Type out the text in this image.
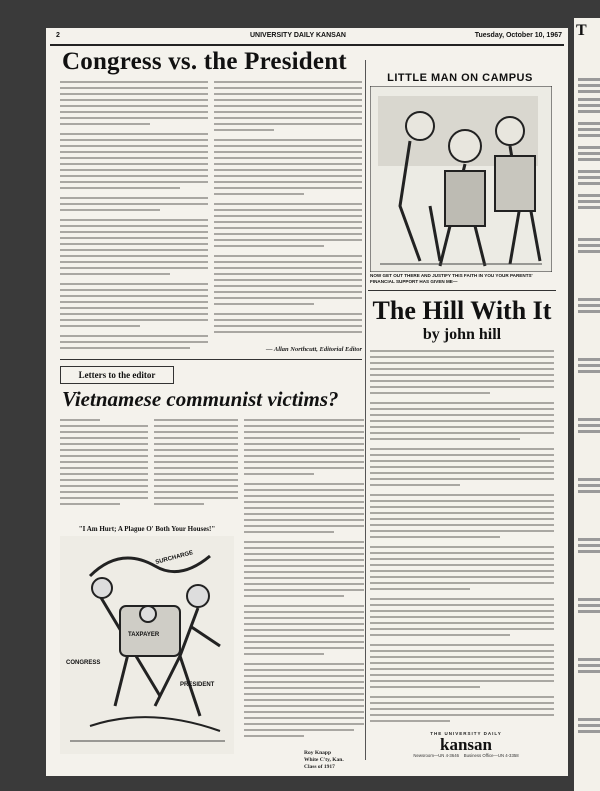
2	UNIVERSITY DAILY KANSAN	Tuesday, October 10, 1967
Congress vs. the President
— Allan Northcutt, Editorial Editor
Letters to the editor
Vietnamese communist victims?
Roy Knapp
White C'ty, Kan.
Class of 1917
"I Am Hurt; A Plague O' Both Your Houses!"
CONGRESS
PRESIDENT
TAXPAYER
SURCHARGE
LITTLE MAN ON CAMPUS
NOW GET OUT THERE AND JUSTIFY THIS FAITH IN YOU YOUR PARENTS' FINANCIAL SUPPORT HAS GIVEN ME—
The Hill With It
by john hill
THE UNIVERSITY DAILY
kansan
Newsroom—UN 4-3646 Business Office—UN 4-3358
T
